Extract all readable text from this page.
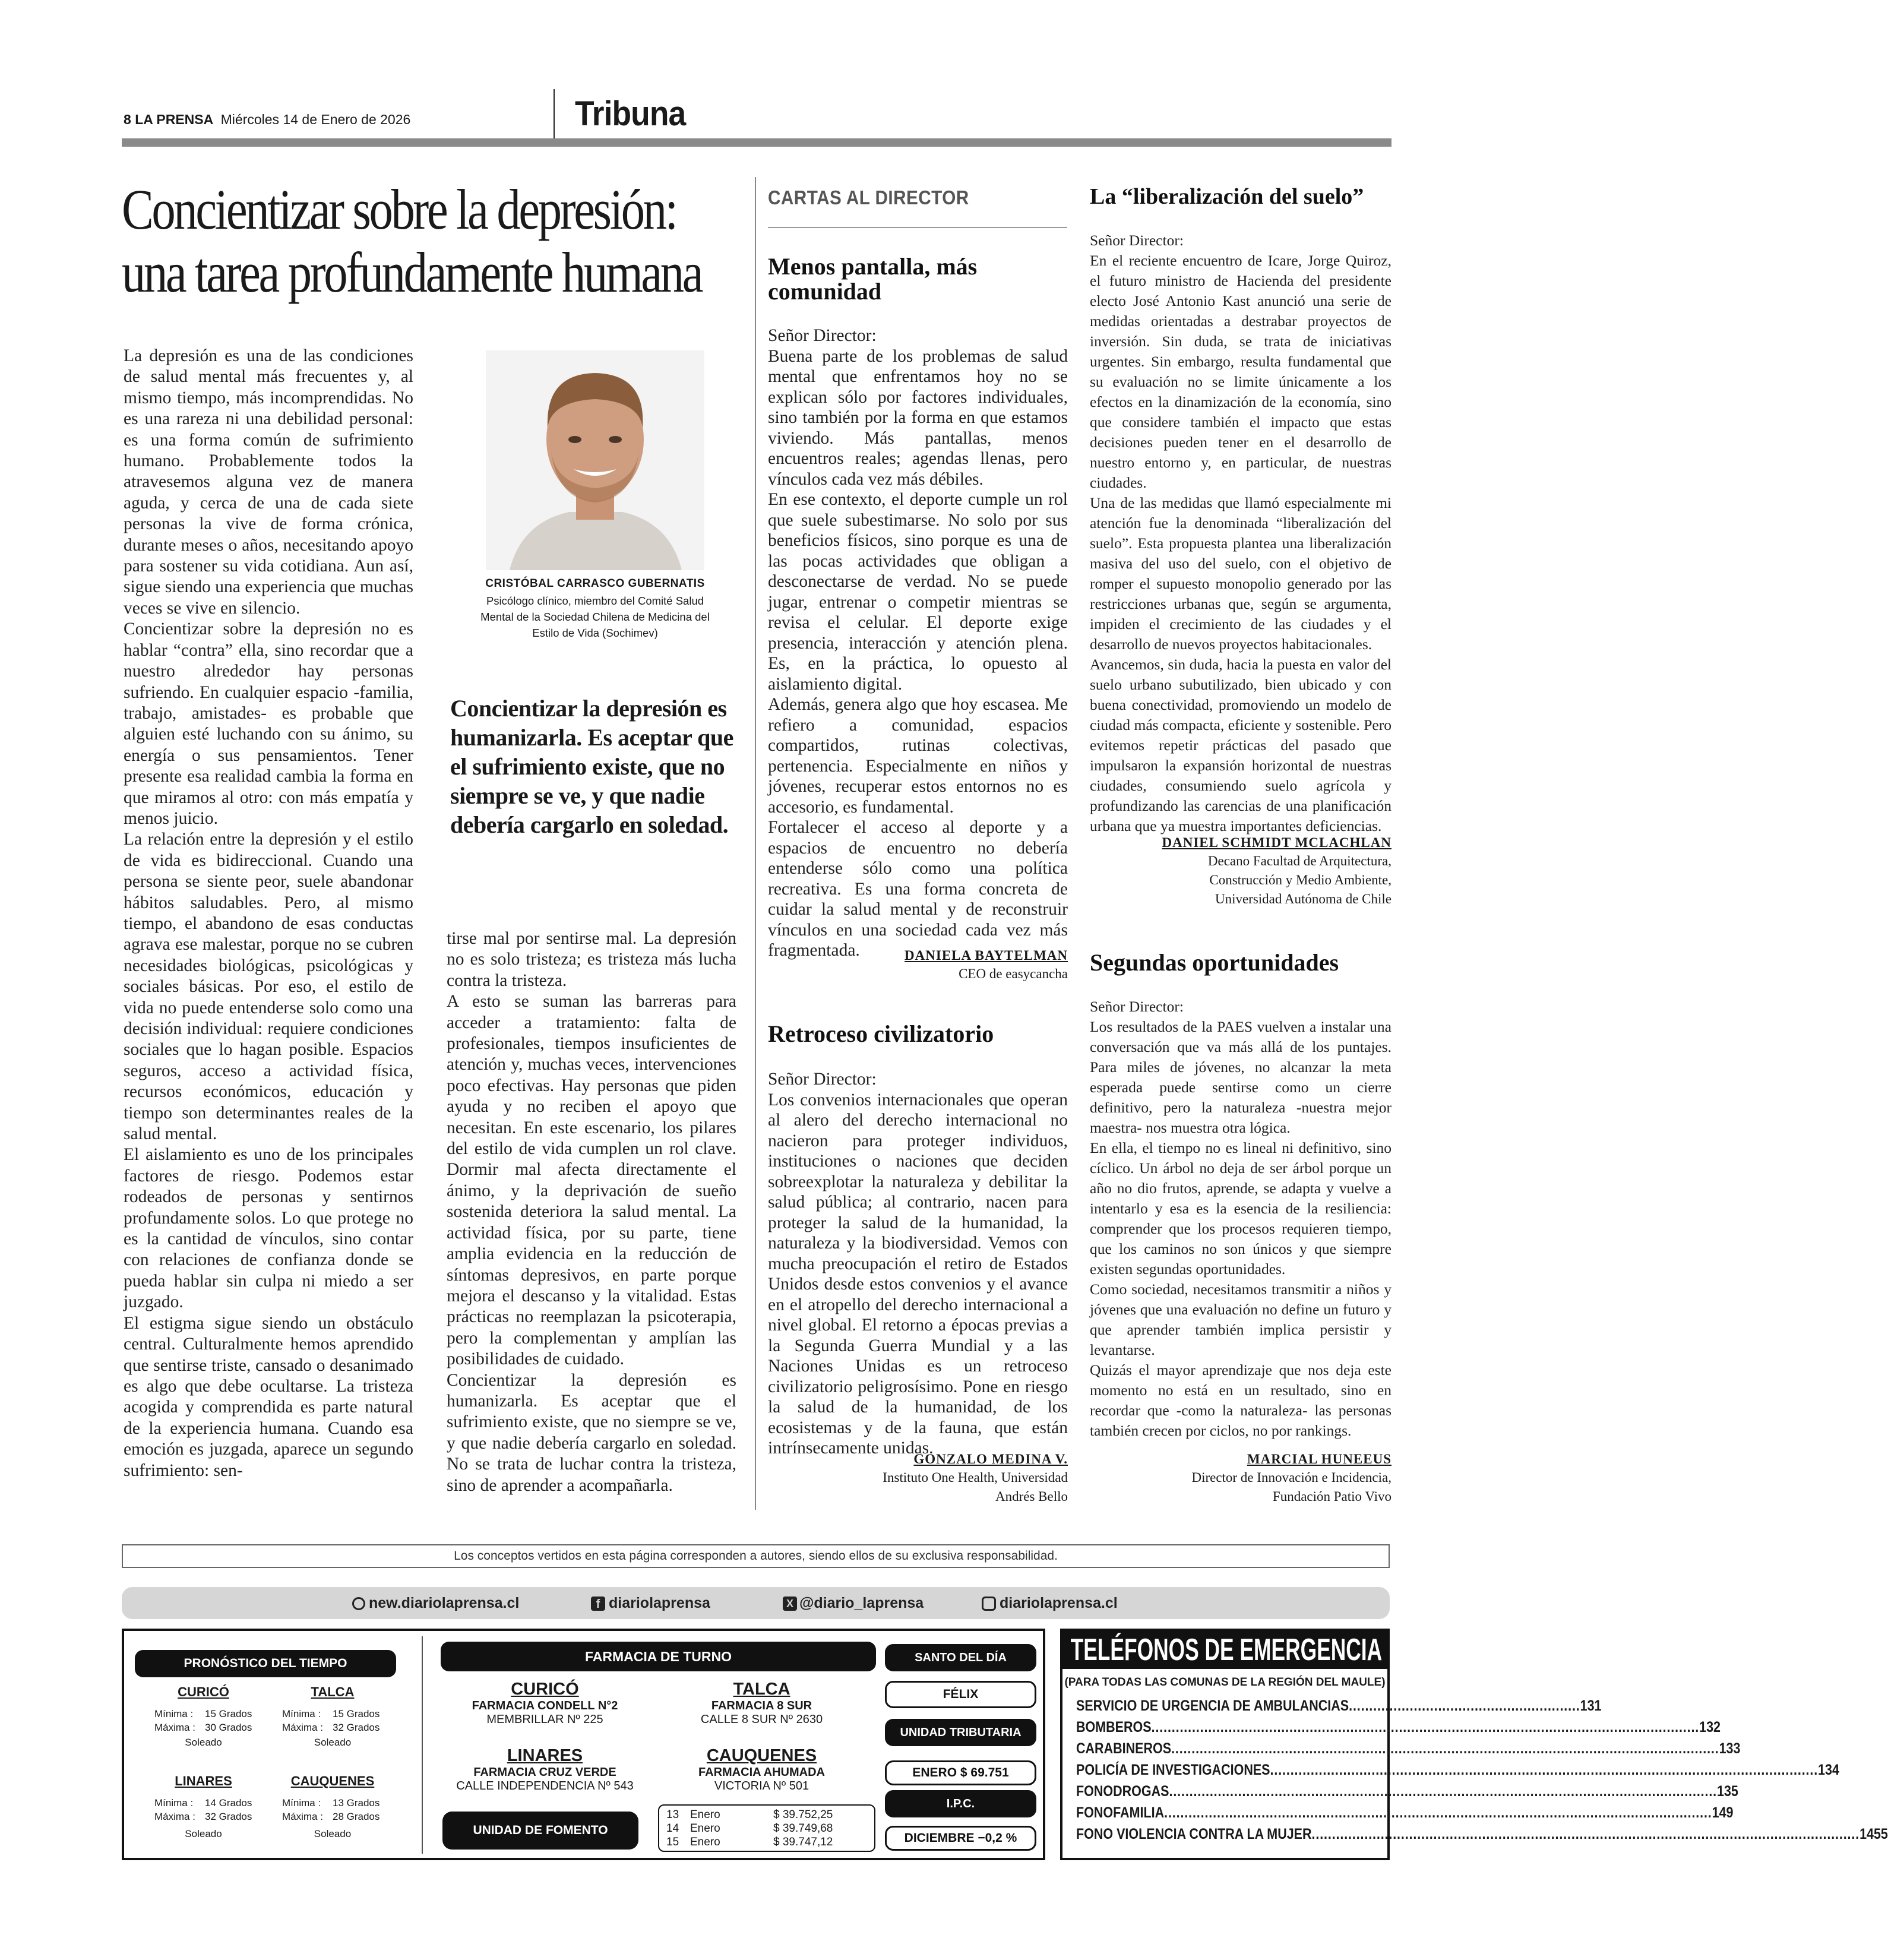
8 LA PRENSA Miércoles 14 de Enero de 2026	Tribuna
Concientizar sobre la depresión:
una tarea profundamente humana

La depresión es una de las condiciones de salud mental más frecuentes y, al mismo tiempo, más incomprendidas. No es una rareza ni una debilidad personal: es una forma común de sufrimiento humano. Probablemente todos la atravesemos alguna vez de manera aguda, y cerca de una de cada siete personas la vive de forma crónica, durante meses o años, necesitando apoyo para sostener su vida cotidiana. Aun así, sigue siendo una experiencia que muchas veces se vive en silencio.

Concientizar sobre la depresión no es hablar “contra” ella, sino recordar que a nuestro alrededor hay personas sufriendo. En cualquier espacio -familia, trabajo, amistades- es probable que alguien esté luchando con su ánimo, su energía o sus pensamientos. Tener presente esa realidad cambia la forma en que miramos al otro: con más empatía y menos juicio.

La relación entre la depresión y el estilo de vida es bidireccional. Cuando una persona se siente peor, suele abandonar hábitos saludables. Pero, al mismo tiempo, el abandono de esas conductas agrava ese malestar, porque no se cubren necesidades biológicas, psicológicas y sociales básicas. Por eso, el estilo de vida no puede entenderse solo como una decisión individual: requiere condiciones sociales que lo hagan posible. Espacios seguros, acceso a actividad física, recursos económicos, educación y tiempo son determinantes reales de la salud mental.

El aislamiento es uno de los principales factores de riesgo. Podemos estar rodeados de personas y sentirnos profundamente solos. Lo que protege no es la cantidad de vínculos, sino contar con relaciones de confianza donde se pueda hablar sin culpa ni miedo a ser juzgado.

El estigma sigue siendo un obstáculo central. Culturalmente hemos aprendido que sentirse triste, cansado o desanimado es algo que debe ocultarse. La tristeza acogida y comprendida es parte natural de la experiencia humana. Cuando esa emoción es juzgada, aparece un segundo sufrimiento: sen-

CRISTÓBAL CARRASCO GUBERNATIS
Psicólogo clínico, miembro del Comité Salud Mental de la Sociedad Chilena de Medicina del Estilo de Vida (Sochimev)
Concientizar la depresión es humanizarla. Es aceptar que el sufrimiento existe, que no siempre se ve, y que nadie debería cargarlo en soledad.

tirse mal por sentirse mal. La depresión no es solo tristeza; es tristeza más lucha contra la tristeza.

A esto se suman las barreras para acceder a tratamiento: falta de profesionales, tiempos insuficientes de atención y, muchas veces, intervenciones poco efectivas. Hay personas que piden ayuda y no reciben el apoyo que necesitan. En este escenario, los pilares del estilo de vida cumplen un rol clave. Dormir mal afecta directamente el ánimo, y la deprivación de sueño sostenida deteriora la salud mental. La actividad física, por su parte, tiene amplia evidencia en la reducción de síntomas depresivos, en parte porque mejora el descanso y la vitalidad. Estas prácticas no reemplazan la psicoterapia, pero la complementan y amplían las posibilidades de cuidado.

Concientizar la depresión es humanizarla. Es aceptar que el sufrimiento existe, que no siempre se ve, y que nadie debería cargarlo en soledad. No se trata de luchar contra la tristeza, sino de aprender a acompañarla.

CARTAS AL DIRECTOR
Menos pantalla, más comunidad

Señor Director:

Buena parte de los problemas de salud mental que enfrentamos hoy no se explican sólo por factores individuales, sino también por la forma en que estamos viviendo. Más pantallas, menos encuentros reales; agendas llenas, pero vínculos cada vez más débiles.

En ese contexto, el deporte cumple un rol que suele subestimarse. No solo por sus beneficios físicos, sino porque es una de las pocas actividades que obligan a desconectarse de verdad. No se puede jugar, entrenar o competir mientras se revisa el celular. El deporte exige presencia, interacción y atención plena. Es, en la práctica, lo opuesto al aislamiento digital.

Además, genera algo que hoy escasea. Me refiero a comunidad, espacios compartidos, rutinas colectivas, pertenencia. Especialmente en niños y jóvenes, recuperar estos entornos no es accesorio, es fundamental.

Fortalecer el acceso al deporte y a espacios de encuentro no debería entenderse sólo como una política recreativa. Es una forma concreta de cuidar la salud mental y de reconstruir vínculos en una sociedad cada vez más fragmentada.	DANIELA BAYTELMAN
CEO de easycancha
Retroceso civilizatorio

Señor Director:

Los convenios internacionales que operan al alero del derecho internacional no nacieron para proteger individuos, instituciones o naciones que deciden sobreexplotar la naturaleza y debilitar la salud pública; al contrario, nacen para proteger la salud de la humanidad, la naturaleza y la biodiversidad. Vemos con mucha preocupación el retiro de Estados Unidos desde estos convenios y el avance en el atropello del derecho internacional a nivel global. El retorno a épocas previas a la Segunda Guerra Mundial y a las Naciones Unidas es un retroceso civilizatorio peligrosísimo. Pone en riesgo la salud de la humanidad, de los ecosistemas y de la fauna, que están intrínsecamente unidas.

GONZALO MEDINA V.
Instituto One Health, Universidad
Andrés Bello
La “liberalización del suelo”

Señor Director:

En el reciente encuentro de Icare, Jorge Quiroz, el futuro ministro de Hacienda del presidente electo José Antonio Kast anunció una serie de medidas orientadas a destrabar proyectos de inversión. Sin duda, se trata de iniciativas urgentes. Sin embargo, resulta fundamental que su evaluación no se limite únicamente a los efectos en la dinamización de la economía, sino que considere también el impacto que estas decisiones pueden tener en el desarrollo de nuestro entorno y, en particular, de nuestras ciudades.

Una de las medidas que llamó especialmente mi atención fue la denominada “liberalización del suelo”. Esta propuesta plantea una liberalización masiva del uso del suelo, con el objetivo de romper el supuesto monopolio generado por las restricciones urbanas que, según se argumenta, impiden el crecimiento de las ciudades y el desarrollo de nuevos proyectos habitacionales.

Avancemos, sin duda, hacia la puesta en valor del suelo urbano subutilizado, bien ubicado y con buena conectividad, promoviendo un modelo de ciudad más compacta, eficiente y sostenible. Pero evitemos repetir prácticas del pasado que impulsaron la expansión horizontal de nuestras ciudades, consumiendo suelo agrícola y profundizando las carencias de una planificación urbana que ya muestra importantes deficiencias.

DANIEL SCHMIDT MCLACHLAN
Decano Facultad de Arquitectura,
Construcción y Medio Ambiente,
Universidad Autónoma de Chile
Segundas oportunidades

Señor Director:

Los resultados de la PAES vuelven a instalar una conversación que va más allá de los puntajes. Para miles de jóvenes, no alcanzar la meta esperada puede sentirse como un cierre definitivo, pero la naturaleza -nuestra mejor maestra- nos muestra otra lógica.

En ella, el tiempo no es lineal ni definitivo, sino cíclico. Un árbol no deja de ser árbol porque un año no dio frutos, aprende, se adapta y vuelve a intentarlo y esa es la esencia de la resiliencia: comprender que los procesos requieren tiempo, que los caminos no son únicos y que siempre existen segundas oportunidades.

Como sociedad, necesitamos transmitir a niños y jóvenes que una evaluación no define un futuro y que aprender también implica persistir y levantarse.

Quizás el mayor aprendizaje que nos deja este momento no está en un resultado, sino en recordar que -como la naturaleza- las personas también crecen por ciclos, no por rankings.

MARCIAL HUNEEUS
Director de Innovación e Incidencia,
Fundación Patio Vivo
Los conceptos vertidos en esta página corresponden a autores, siendo ellos de su exclusiva responsabilidad.
new.diariolaprensa.cl	f diariolaprensa	X @diario_laprensa	diariolaprensa.cl
PRONÓSTICO DEL TIEMPO
CURICÓ
Mínima :	15 Grados
Máxima : 30 Grados
Soleado
TALCA
Mínima :	15 Grados
Máxima : 32 Grados
Soleado
LINARES
Mínima :	14 Grados
Máxima : 32 Grados
Soleado
CAUQUENES
Mínima :	13 Grados
Máxima : 28 Grados
Soleado
FARMACIA DE TURNO
CURICÓ
FARMACIA CONDELL N°2
MEMBRILLAR Nº 225
TALCA
FARMACIA 8 SUR
CALLE 8 SUR Nº 2630
LINARES
FARMACIA CRUZ VERDE
CALLE INDEPENDENCIA Nº 543
CAUQUENES
FARMACIA AHUMADA
VICTORIA Nº 501
UNIDAD DE FOMENTO
13 Enero	$ 39.752,25
14 Enero	$ 39.749,68
15 Enero	$ 39.747,12
SANTO DEL DÍA
FÉLIX
UNIDAD TRIBUTARIA
ENERO $ 69.751
I.P.C.
DICIEMBRE −0,2 %
TELÉFONOS DE EMERGENCIA
(PARA TODAS LAS COMUNAS DE LA REGIÓN DEL MAULE)
SERVICIO DE URGENCIA DE AMBULANCIAS ......................................................... 131
BOMBEROS ....................................................................................................................................... 132
CARABINEROS ....................................................................................................................................... 133
POLICÍA DE INVESTIGACIONES ....................................................................................................................................... 134
FONODROGAS ....................................................................................................................................... 135
FONOFAMILIA ....................................................................................................................................... 149
FONO VIOLENCIA CONTRA LA MUJER ....................................................................................................................................... 1455
